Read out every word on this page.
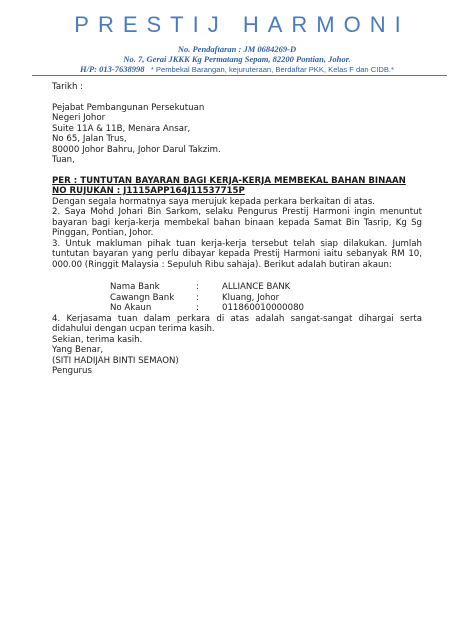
PRESTIJ HARMONI

No. Pendaftaran : JM 0684269-D

No. 7, Gerai JKKK Kg Permatang Sepam, 82200 Pontian, Johor.

H/P: 013-7638998 * Pembekal Barangan, kejuruteraan, Berdaftar PKK, Kelas F dan CIDB.*

Tarikh :

Pejabat Pembangunan Persekutuan

Negeri Johor

Suite 11A & 11B, Menara Ansar,

No 65, Jalan Trus,

80000 Johor Bahru, Johor Darul Takzim.

Tuan,

PER : TUNTUTAN BAYARAN BAGI KERJA-KERJA MEMBEKAL BAHAN BINAAN

NO RUJUKAN : J1115APP164J11537715P

Dengan segala hormatnya saya merujuk kepada perkara berkaitan di atas.

2. Saya Mohd Johari Bin Sarkom, selaku Pengurus Prestij Harmoni ingin menuntut bayaran bagi kerja-kerja membekal bahan binaan kepada Samat Bin Tasrip, Kg Sg Pinggan, Pontian, Johor.

3. Untuk makluman pihak tuan kerja-kerja tersebut telah siap dilakukan. Jumlah tuntutan bayaran yang perlu dibayar kepada Prestij Harmoni iaitu sebanyak RM 10, 000.00 (Ringgit Malaysia : Sepuluh Ribu sahaja). Berikut adalah butiran akaun:

Nama Bank	:	ALLIANCE BANK
Cawangn Bank	:	Kluang, Johor
No Akaun	:	011860010000080

4. Kerjasama tuan dalam perkara di atas adalah sangat-sangat dihargai serta didahului dengan ucpan terima kasih.

Sekian, terima kasih.

Yang Benar,

(SITI HADIJAH BINTI SEMAON)

Pengurus
